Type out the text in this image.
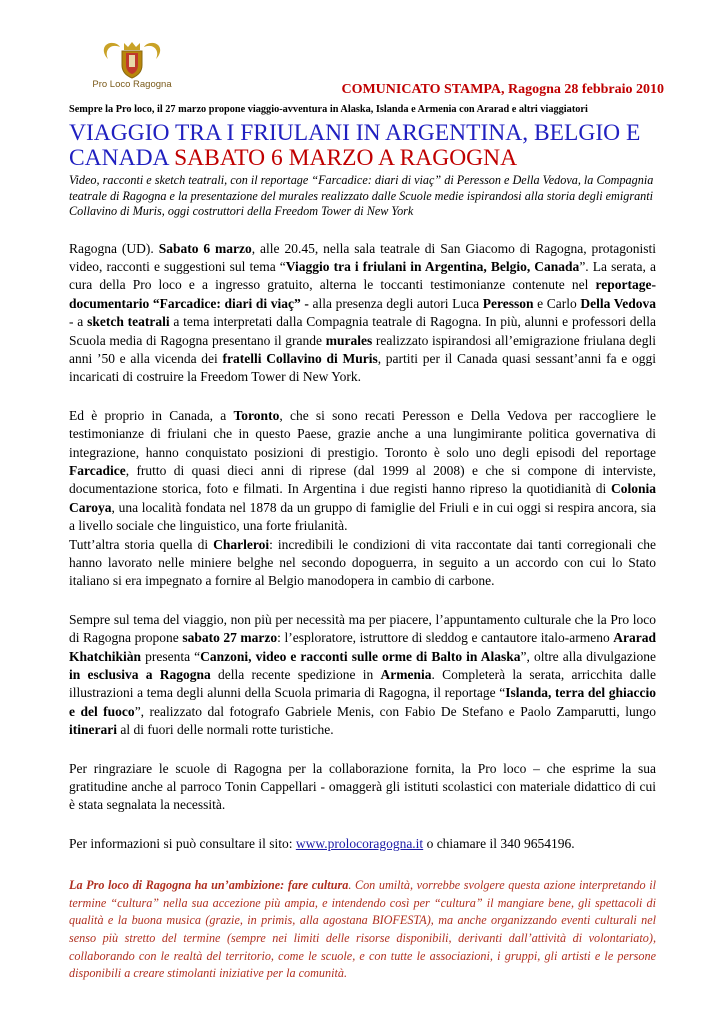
Pro Loco Ragogna	COMUNICATO STAMPA, Ragogna 28 febbraio 2010

Sempre la Pro loco, il 27 marzo propone viaggio-avventura in Alaska, Islanda e Armenia con Ararad e altri viaggiatori

VIAGGIO TRA I FRIULANI IN ARGENTINA, BELGIO E CANADA SABATO 6 MARZO A RAGOGNA

Video, racconti e sketch teatrali, con il reportage “Farcadice: diari di viaç” di Peresson e Della Vedova, la Compagnia teatrale di Ragogna e la presentazione del murales realizzato dalle Scuole medie ispirandosi alla storia degli emigranti Collavino di Muris, oggi costruttori della Freedom Tower di New York

Ragogna (UD). Sabato 6 marzo, alle 20.45, nella sala teatrale di San Giacomo di Ragogna, protagonisti video, racconti e suggestioni sul tema “Viaggio tra i friulani in Argentina, Belgio, Canada”. La serata, a cura della Pro loco e a ingresso gratuito, alterna le toccanti testimonianze contenute nel reportage-documentario “Farcadice: diari di viaç” - alla presenza degli autori Luca Peresson e Carlo Della Vedova - a sketch teatrali a tema interpretati dalla Compagnia teatrale di Ragogna. In più, alunni e professori della Scuola media di Ragogna presentano il grande murales realizzato ispirandosi all’emigrazione friulana degli anni ’50 e alla vicenda dei fratelli Collavino di Muris, partiti per il Canada quasi sessant’anni fa e oggi incaricati di costruire la Freedom Tower di New York.

Ed è proprio in Canada, a Toronto, che si sono recati Peresson e Della Vedova per raccogliere le testimonianze di friulani che in questo Paese, grazie anche a una lungimirante politica governativa di integrazione, hanno conquistato posizioni di prestigio. Toronto è solo uno degli episodi del reportage Farcadice, frutto di quasi dieci anni di riprese (dal 1999 al 2008) e che si compone di interviste, documentazione storica, foto e filmati. In Argentina i due registi hanno ripreso la quotidianità di Colonia Caroya, una località fondata nel 1878 da un gruppo di famiglie del Friuli e in cui oggi si respira ancora, sia a livello sociale che linguistico, una forte friulanità.

Tutt’altra storia quella di Charleroi: incredibili le condizioni di vita raccontate dai tanti corregionali che hanno lavorato nelle miniere belghe nel secondo dopoguerra, in seguito a un accordo con cui lo Stato italiano si era impegnato a fornire al Belgio manodopera in cambio di carbone.

Sempre sul tema del viaggio, non più per necessità ma per piacere, l’appuntamento culturale che la Pro loco di Ragogna propone sabato 27 marzo: l’esploratore, istruttore di sleddog e cantautore italo-armeno Ararad Khatchikiàn presenta “Canzoni, video e racconti sulle orme di Balto in Alaska”, oltre alla divulgazione in esclusiva a Ragogna della recente spedizione in Armenia. Completerà la serata, arricchita dalle illustrazioni a tema degli alunni della Scuola primaria di Ragogna, il reportage “Islanda, terra del ghiaccio e del fuoco”, realizzato dal fotografo Gabriele Menis, con Fabio De Stefano e Paolo Zamparutti, lungo itinerari al di fuori delle normali rotte turistiche.

Per ringraziare le scuole di Ragogna per la collaborazione fornita, la Pro loco – che esprime la sua gratitudine anche al parroco Tonin Cappellari - omaggerà gli istituti scolastici con materiale didattico di cui è stata segnalata la necessità.

Per informazioni si può consultare il sito: www.prolocoragogna.it o chiamare il 340 9654196.

La Pro loco di Ragogna ha un’ambizione: fare cultura. Con umiltà, vorrebbe svolgere questa azione interpretando il termine “cultura” nella sua accezione più ampia, e intendendo così per “cultura” il mangiare bene, gli spettacoli di qualità e la buona musica (grazie, in primis, alla agostana BIOFESTA), ma anche organizzando eventi culturali nel senso più stretto del termine (sempre nei limiti delle risorse disponibili, derivanti dall’attività di volontariato), collaborando con le realtà del territorio, come le scuole, e con tutte le associazioni, i gruppi, gli artisti e le persone disponibili a creare stimolanti iniziative per la comunità.
